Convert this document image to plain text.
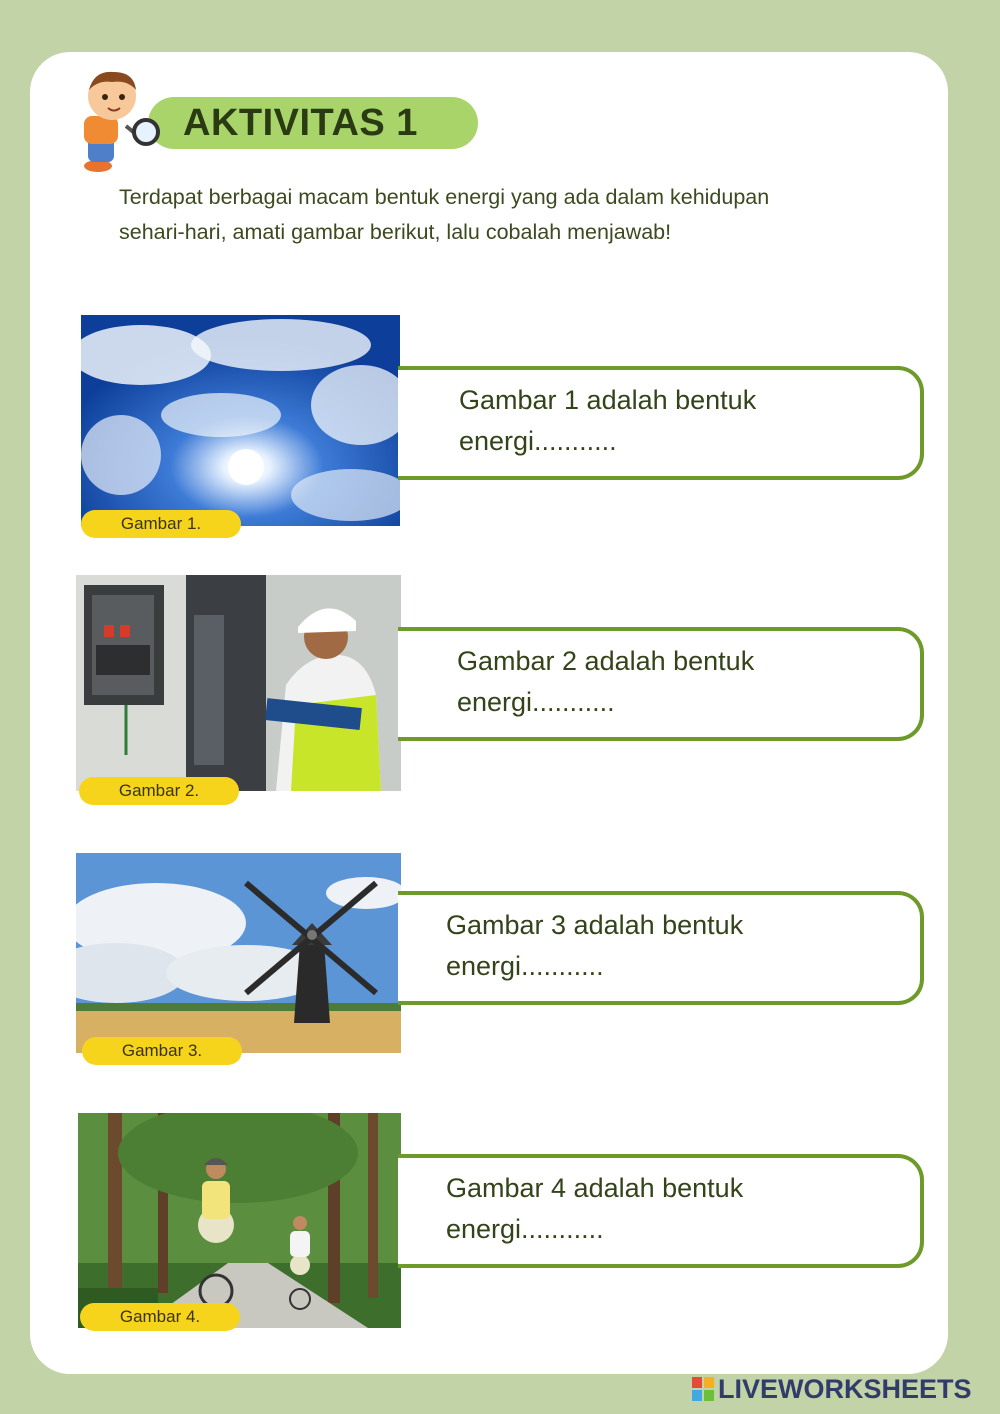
AKTIVITAS 1
Terdapat berbagai macam bentuk energi yang ada dalam kehidupan sehari-hari, amati gambar berikut, lalu cobalah menjawab!
Gambar 1.
Gambar 1 adalah bentuk
energi...........
Gambar 2.
Gambar 2 adalah bentuk
energi...........
Gambar 3.
Gambar 3 adalah bentuk
energi...........
Gambar 4.
Gambar 4 adalah bentuk
energi...........
LIVEWORKSHEETS
